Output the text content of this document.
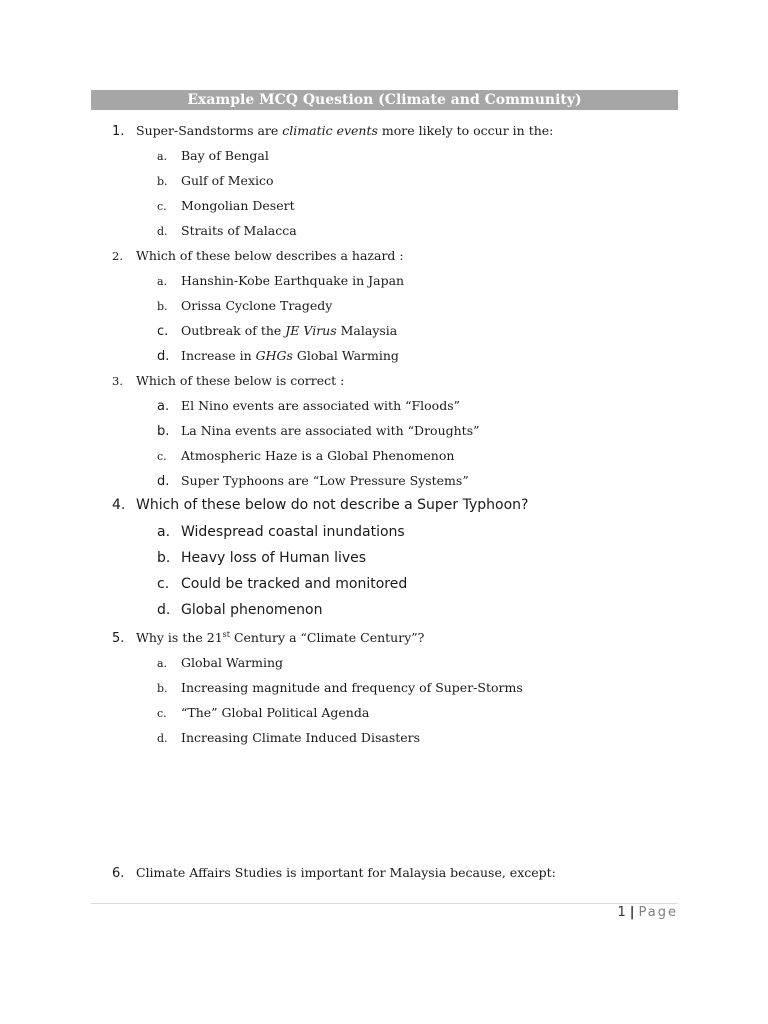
Example MCQ Question (Climate and Community)
1. Super-Sandstorms are climatic events more likely to occur in the:
a. Bay of Bengal
b. Gulf of Mexico
c. Mongolian Desert
d. Straits of Malacca
2. Which of these below describes a hazard :
a. Hanshin-Kobe Earthquake in Japan
b. Orissa Cyclone Tragedy
c. Outbreak of the JE Virus Malaysia
d. Increase in GHGs Global Warming
3. Which of these below is correct :
a. El Nino events are associated with “Floods”
b. La Nina events are associated with “Droughts”
c. Atmospheric Haze is a Global Phenomenon
d. Super Typhoons are “Low Pressure Systems”
4. Which of these below do not describe a Super Typhoon?
a. Widespread coastal inundations
b. Heavy loss of Human lives
c. Could be tracked and monitored
d. Global phenomenon
5. Why is the 21st Century a “Climate Century”?
a. Global Warming
b. Increasing magnitude and frequency of Super-Storms
c. “The” Global Political Agenda
d. Increasing Climate Induced Disasters
6. Climate Affairs Studies is important for Malaysia because, except:
1 | Page
